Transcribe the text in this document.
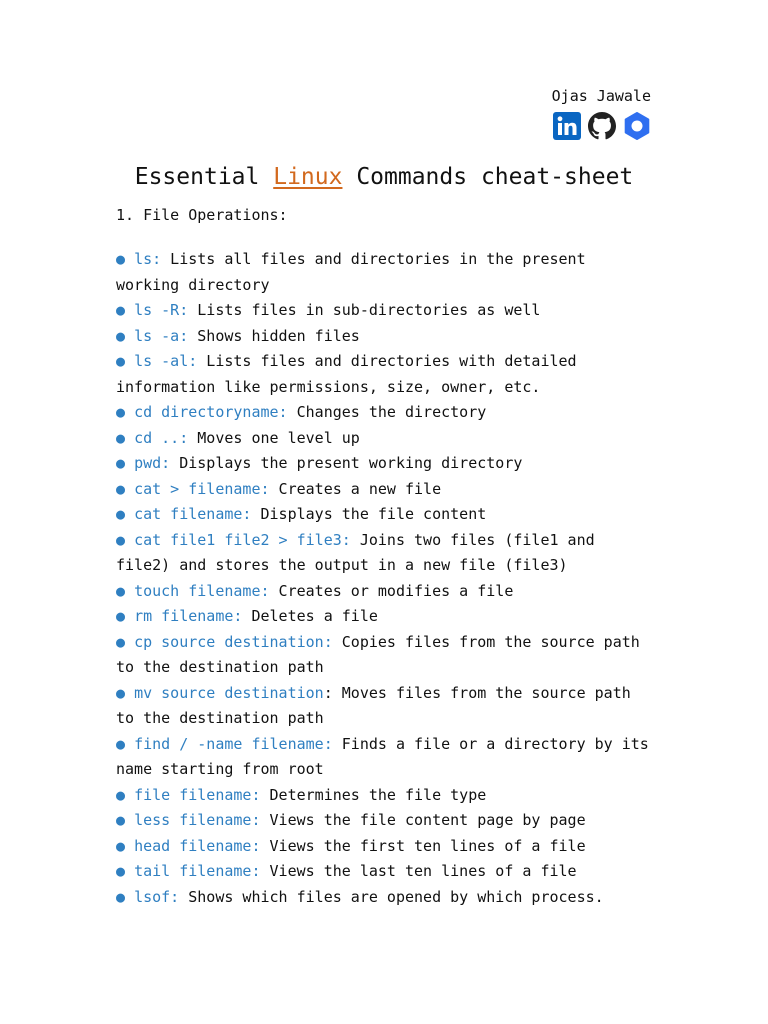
Ojas Jawale
Essential Linux Commands cheat-sheet
1. File Operations:
● ls: Lists all files and directories in the present working directory
● ls -R: Lists files in sub-directories as well
● ls -a: Shows hidden files
● ls -al: Lists files and directories with detailed information like permissions, size, owner, etc.
● cd directoryname: Changes the directory
● cd ..: Moves one level up
● pwd: Displays the present working directory
● cat > filename: Creates a new file
● cat filename: Displays the file content
● cat file1 file2 > file3: Joins two files (file1 and file2) and stores the output in a new file (file3)
● touch filename: Creates or modifies a file
● rm filename: Deletes a file
● cp source destination: Copies files from the source path to the destination path
● mv source destination: Moves files from the source path to the destination path
● find / -name filename: Finds a file or a directory by its name starting from root
● file filename: Determines the file type
● less filename: Views the file content page by page
● head filename: Views the first ten lines of a file
● tail filename: Views the last ten lines of a file
● lsof: Shows which files are opened by which process.
